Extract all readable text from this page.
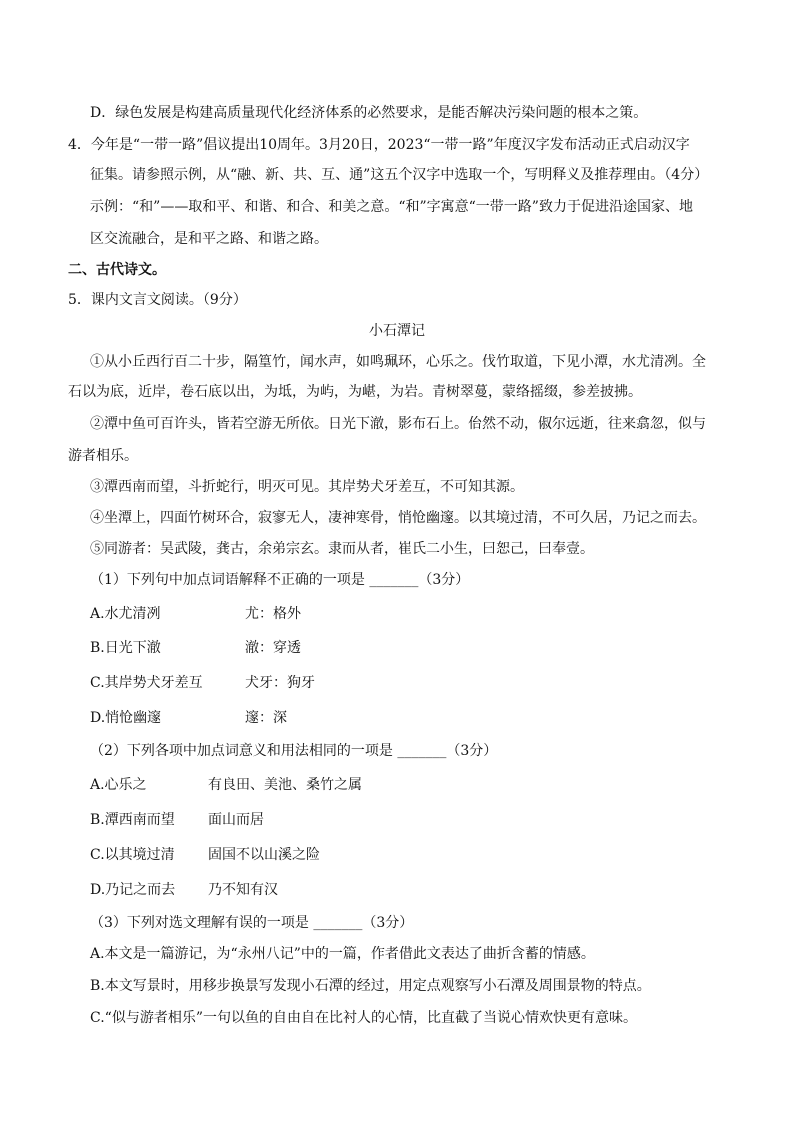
D．绿色发展是构建高质量现代化经济体系的必然要求，是能否解决污染问题的根本之策。
4．今年是“一带一路”倡议提出10周年。3月20日，2023“一带一路”年度汉字发布活动正式启动汉字
征集。请参照示例，从“融、新、共、互、通”这五个汉字中选取一个，写明释义及推荐理由。（4分）
示例：“和”——取和平、和谐、和合、和美之意。“和”字寓意“一带一路”致力于促进沿途国家、地
区交流融合，是和平之路、和谐之路。
二、古代诗文。
5．课内文言文阅读。（9分）
小石潭记
①从小丘西行百二十步，隔篁竹，闻水声，如鸣珮环，心乐之。伐竹取道，下见小潭，水尤清冽。全
石以为底，近岸，卷石底以出，为坻，为屿，为嵁，为岩。青树翠蔓，蒙络摇缀，参差披拂。
②潭中鱼可百许头，皆若空游无所依。日光下澈，影布石上。佁然不动，俶尔远逝，往来翕忽，似与
游者相乐。
③潭西南而望，斗折蛇行，明灭可见。其岸势犬牙差互，不可知其源。
④坐潭上，四面竹树环合，寂寥无人，凄神寒骨，悄怆幽邃。以其境过清，不可久居，乃记之而去。
⑤同游者：吴武陵，龚古，余弟宗玄。隶而从者，崔氏二小生，曰恕己，曰奉壹。
（1）下列句中加点词语解释不正确的一项是 _______（3分）
A.水尤清冽	尤：格外
B.日光下澈	澈：穿透
C.其岸势犬牙差互	犬牙：狗牙
D.悄怆幽邃	邃：深
（2）下列各项中加点词意义和用法相同的一项是 _______（3分）
A.心乐之	有良田、美池、桑竹之属
B.潭西南而望 面山而居
C.以其境过清 固国不以山溪之险
D.乃记之而去 乃不知有汉
（3）下列对选文理解有误的一项是 _______（3分）
A.本文是一篇游记，为“永州八记”中的一篇，作者借此文表达了曲折含蓄的情感。
B.本文写景时，用移步换景写发现小石潭的经过，用定点观察写小石潭及周围景物的特点。
C.“似与游者相乐”一句以鱼的自由自在比衬人的心情，比直截了当说心情欢快更有意味。
